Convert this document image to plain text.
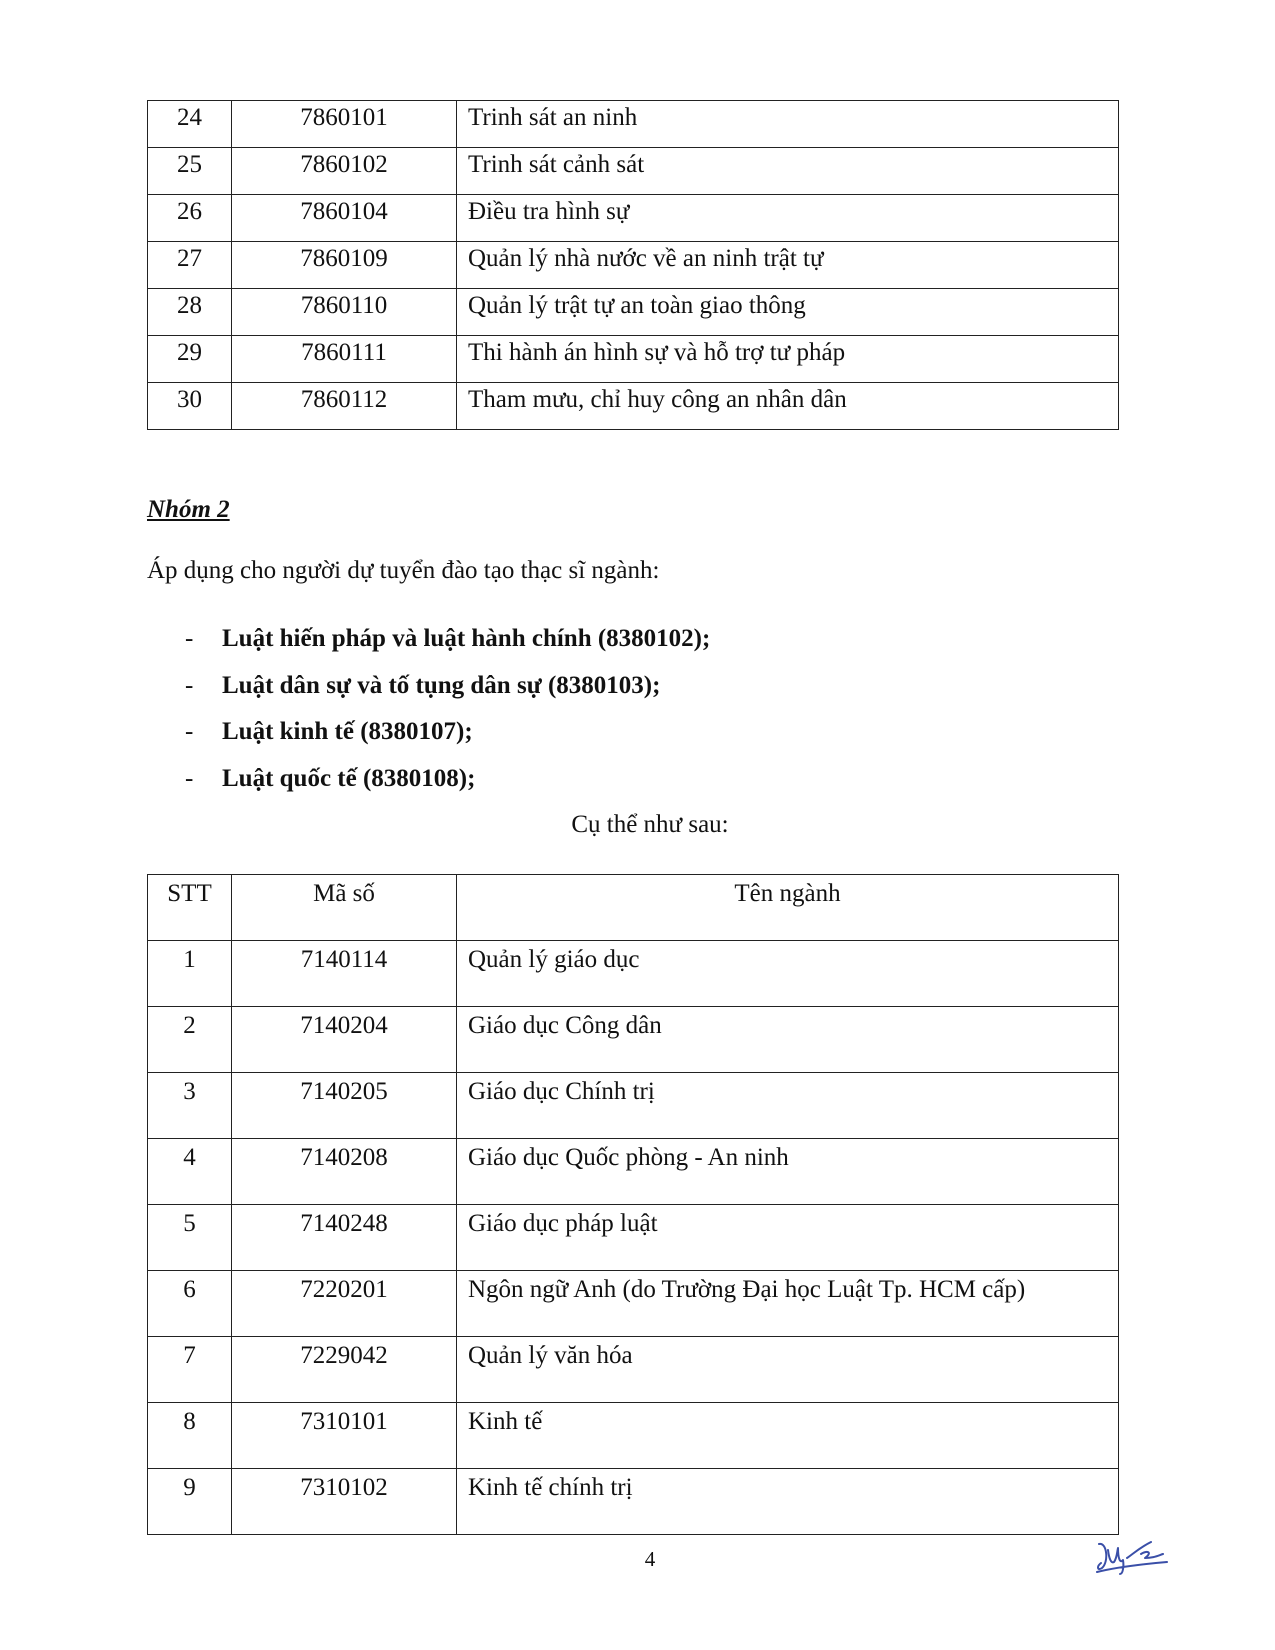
24	7860101	Trinh sát an ninh
25	7860102	Trinh sát cảnh sát
26	7860104	Điều tra hình sự
27	7860109	Quản lý nhà nước về an ninh trật tự
28	7860110	Quản lý trật tự an toàn giao thông
29	7860111	Thi hành án hình sự và hỗ trợ tư pháp
30	7860112	Tham mưu, chỉ huy công an nhân dân
Nhóm 2
Áp dụng cho người dự tuyển đào tạo thạc sĩ ngành:
- Luật hiến pháp và luật hành chính (8380102);
- Luật dân sự và tố tụng dân sự (8380103);
- Luật kinh tế (8380107);
- Luật quốc tế (8380108);
Cụ thể như sau:
STT	Mã số	Tên ngành
1	7140114	Quản lý giáo dục
2	7140204	Giáo dục Công dân
3	7140205	Giáo dục Chính trị
4	7140208	Giáo dục Quốc phòng - An ninh
5	7140248	Giáo dục pháp luật
6	7220201	Ngôn ngữ Anh (do Trường Đại học Luật Tp. HCM cấp)
7	7229042	Quản lý văn hóa
8	7310101	Kinh tế
9	7310102	Kinh tế chính trị
4
